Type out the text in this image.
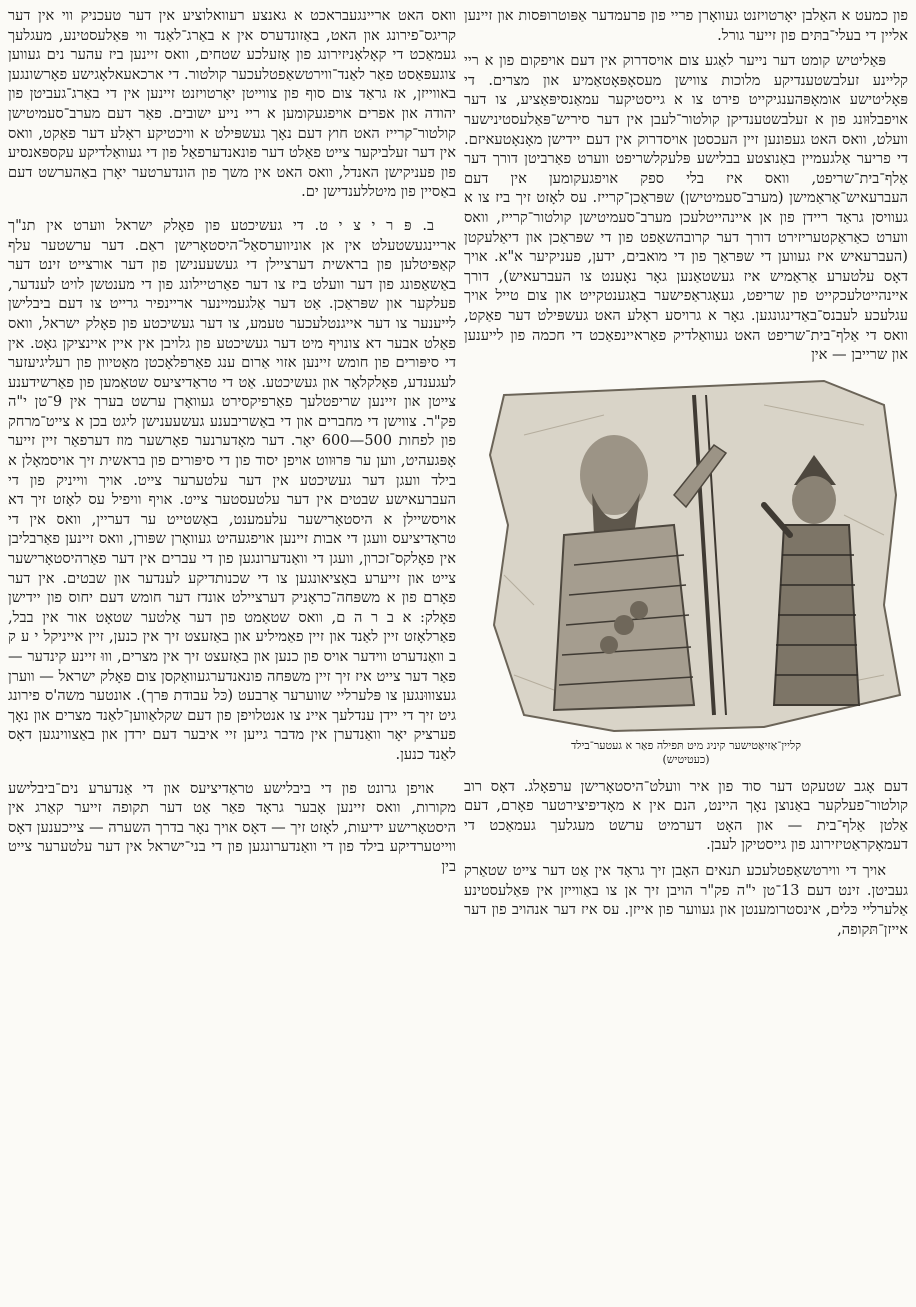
וואס האט אריינגעבראכט א גאנצע רעוואלוציע אין דער טעכניק ווי אין דער קריגס־פירונג און האט, באַזונדערס אין א באַרג־לאַנד ווי פּאַלעסטינע, מעגלעך געמאַכט די קאָלאָניזירונג פון אָזעלכע שטחים, וואס זיינען ביז עהער נים געווען צוגעפּאַסט פאַר לאַנד־ווירטשאַפטלעכער קולטור. די ארכאעאלאָגישע פאָרשונגען באווייזן, אז גראַד צום סוף פון צווייטן יאָרטויזנט זיינען אין די באַרג־געביטן פון יהודה און אפרים אויפגעקומען א ריי נייע ישובים. פאַר דעם מערב־סעמיטישן קולטור־קרייז האט חוץ דעם נאָך געשפּילט א וויכטיקע ראָלע דער פאַקט, וואס אין דער זעלביקער צייט פאַלט דער פונאנדערפאַל פון די געוואַלדיקע עקספּאנסיע פון פעניקישן האנדל, וואס האט אין משך פון הונדערטער יאָרן באַהערשט דעם באַסיין פון מיטללענדישן ים.

ב. פּ ר י צ י ט. די געשיכטע פון פאָלק ישראל ווערט אין תנ"ך אריינגעשטעלט אין אן אוניווערסאַל־היסטאָרישן ראַם. דער ערשטער עלף קאַפּיטלען פון בראשית דערציילן די געשעענישן פון דער אורצייט זינט דער באַשאַפונג פון דער וועלט ביז צו דער פאַרטיילונג פון די מענטשן לויט לענדער, פעלקער און שפּראַכן. אַט דער אַלגעמיינער אריינפיר גרייט צו דעם ביבלישן לייענער צו דער אייגנטלעכער טעמע, צו דער געשיכטע פון פאָלק ישראל, וואס פאַלט אבער דא צונויף מיט דער געשיכטע פון גלויבן אין איין איינציקן גאָט. אין די סיפּורים פון חומש זיינען אזוי אַרום ענג פאַרפלאָכטן מאָטיוון פון רעליגיעזער לעגענדע, פאָלקלאָר און געשיכטע. אַט די טראַדיציעס שטאַמען פון פאַרשידענע צייטן און זיינען שריפטלעך פאַרפיקסירט געוואָרן ערשט בערך אין 9־טן י"ה פק"ר. צווישן די מחברים און די באַשריבענע געשעענישן ליגט בכן א צייט־מרחק פון לפחות 500—600 יאָר. דער מאָדערנער פאָרשער מוז דערפאַר זיין זייער אָפּגעהיט, ווען ער פּרוּווט אויפן יסוד פון די סיפּורים פון בראשית זיך אויסמאָלן א בילד וועגן דער געשיכטע אין דער עלטערער צייט. אויך ווייניק פון די העברעאישע שבטים אין דער עלטעסטער צייט. אויף וויפיל עס לאָזט זיך דא אויסשיילן א היסטאָרישער עלעמענט, באַשטייט ער דעריין, וואס אין די טראַדיציעס וועגן די אבות זיינען אויפגעהיט געוואָרן שפּורן, וואס זיינען פאַרבליבן אין פאָלקס־זכרון, וועגן די וואַנדערונגען פון די עברים אין דער פאַרהיסטאָרישער צייט און זייערע באַציאונגען צו די שכנותדיקע לענדער און שבטים. אין דער פאָרם פון א משפּחה־כראָניק דערציילט אונדז דער חומש דעם יחוס פון יידישן פאָלק: א ב ר ה ם, וואס שטאַמט פון דער אַלטער שטאָט אור אין בבל, פאַרלאָזט זיין לאַנד און זיין פאַמיליע און באַזעצט זיך אין כנען, זיין אייניקל י ע ק ב וואַנדערט ווידער אויס פון כנען און באַזעצט זיך אין מצרים, וווּ זיינע קינדער — פאַר דער צייט איז זיך זיין משפּחה פונאנדערגעוואַקסן צום פאָלק ישראל — ווערן געצוווּנגען צו פּלערליי שווערער אַרבעט (כּל עבודת פּרך). אונטער משה'ס פירונג גיט זיך די יידן ענדלעך איינ צו אנטלויפן פון דעם שקלאַווען־לאַנד מצרים און נאָך פערציק יאָר וואַנדערן אין מדבר גייען זיי איבער דעם ירדן און באַצווינגען דאָס לאַנד כנען.

אויפן גרונט פון די ביבלישע טראַדיציעס און די אַנדערע נים־ביבלישע מקורות, וואס זיינען אָבער גראָד פאַר אַט דער תקופה זייער קאַרג אין היסטאָרישע ידיעות, לאָזט זיך — דאָס אויך נאָר בדרך השערה — צייכענען דאָס ווייטערדיקע בילד פון די וואַנדערונגען פון די בני־ישראל אין דער עלטערער צייט בין

פון כמעט א האַלבן יאָרטויזנט געוואָרן פריי פון פרעמדער אַפּוטרופּסות און זיינען אליין די בעלי־בתּים פון זייער גורל.

פּאַליטיש קומט דער נייער לאַגע צום אויסדרוק אין דעם אויפקום פון א ריי קליינע זעלבשטענדיקע מלוכות צווישן מעסאָפּאָטאַמיע און מצרים. די פּאָליטישע אומאָפּהענגיקייט פירט צו א גייסטיקער עמאַנסיפּאַציע, צו דער אויפבלוּונג פון א זעלבשטענדיקן קולטור־לעבן אין דער סיריש־פּאַלעסטינישער וועלט, וואס האט געפונען זיין העכסטן אויסדרוק אין דעם יידישן מאָנאָטעאיזם. די פריער אַלגעמיין באַנוצטע בבלישע פּלעקלשריפט ווערט פאַרביטן דורך דער אַלף־בית־שריפט, וואס איז בלי ספק אויפגעקומען אין דעם העברעאיש־אַראַמישן (מערב־סעמיטישן) שפּראַכן־קרייז. עס לאָזט זיך ביז צו א געוויסן גראַד ריידן פון אן איינהייטלעכן מערב־סעמיטישן קולטור־קרייז, וואס ווערט כאַראַקטעריזירט דורך דער קרובהשאַפט פון די שפּראַכן און דיאַלעקטן (העברעאיש איז געווען די שפּראַך פון די מואבים, ידען, פעניקיער א"א. אויך דאָס עלטערע אַראַמיש איז געשטאַנען גאָר נאָענט צו העברעאיש), דורך איינהייטלעכקייט פון שריפט, געאָגראַפישער באַגענטקייט און צום טייל אויך עגלעכע לעבנס־באַדינגונגען. גאָר א גרויסע ראָלע האט געשפּילט דער פאַקט, וואס די אַלף־בית־שריפט האט געוואַלדיק פאַראיינפאַכט די חכמה פון לייענען און שרייבן — אין

קליין־אַזיאַטישער קיניג מיט תּפילה פאַר א געטער־בילד
(כעטיטיש)

דעם אָגב שטעקט דער סוד פון איר וועלט־היסטאָרישן ערפאָלג. דאָס רוב קולטור־פעלקער באַנוצן נאָך היינט, הנם אין א מאָדיפיצירטער פאָרם, דעם אַלטן אַלף־בית — און האָט דערמיט ערשט מעגלעך געמאַכט די דעמאָקראַטיזירונג פון גייסטיקן לעבן.

אויך די ווירטשאַפטלעכע תנאים האָבן זיך גראָד אין אַט דער צייט שטאַרק געביטן. זינט דעם 13־טן י"ה פק"ר הויבן זיך אן צו באַווייזן אין פּאַלעסטינע אַלערליי כּלים, אינסטרומענטן און געווער פון אייזן. עס איז דער אנהויב פון דער אייזן־תּקופה,
